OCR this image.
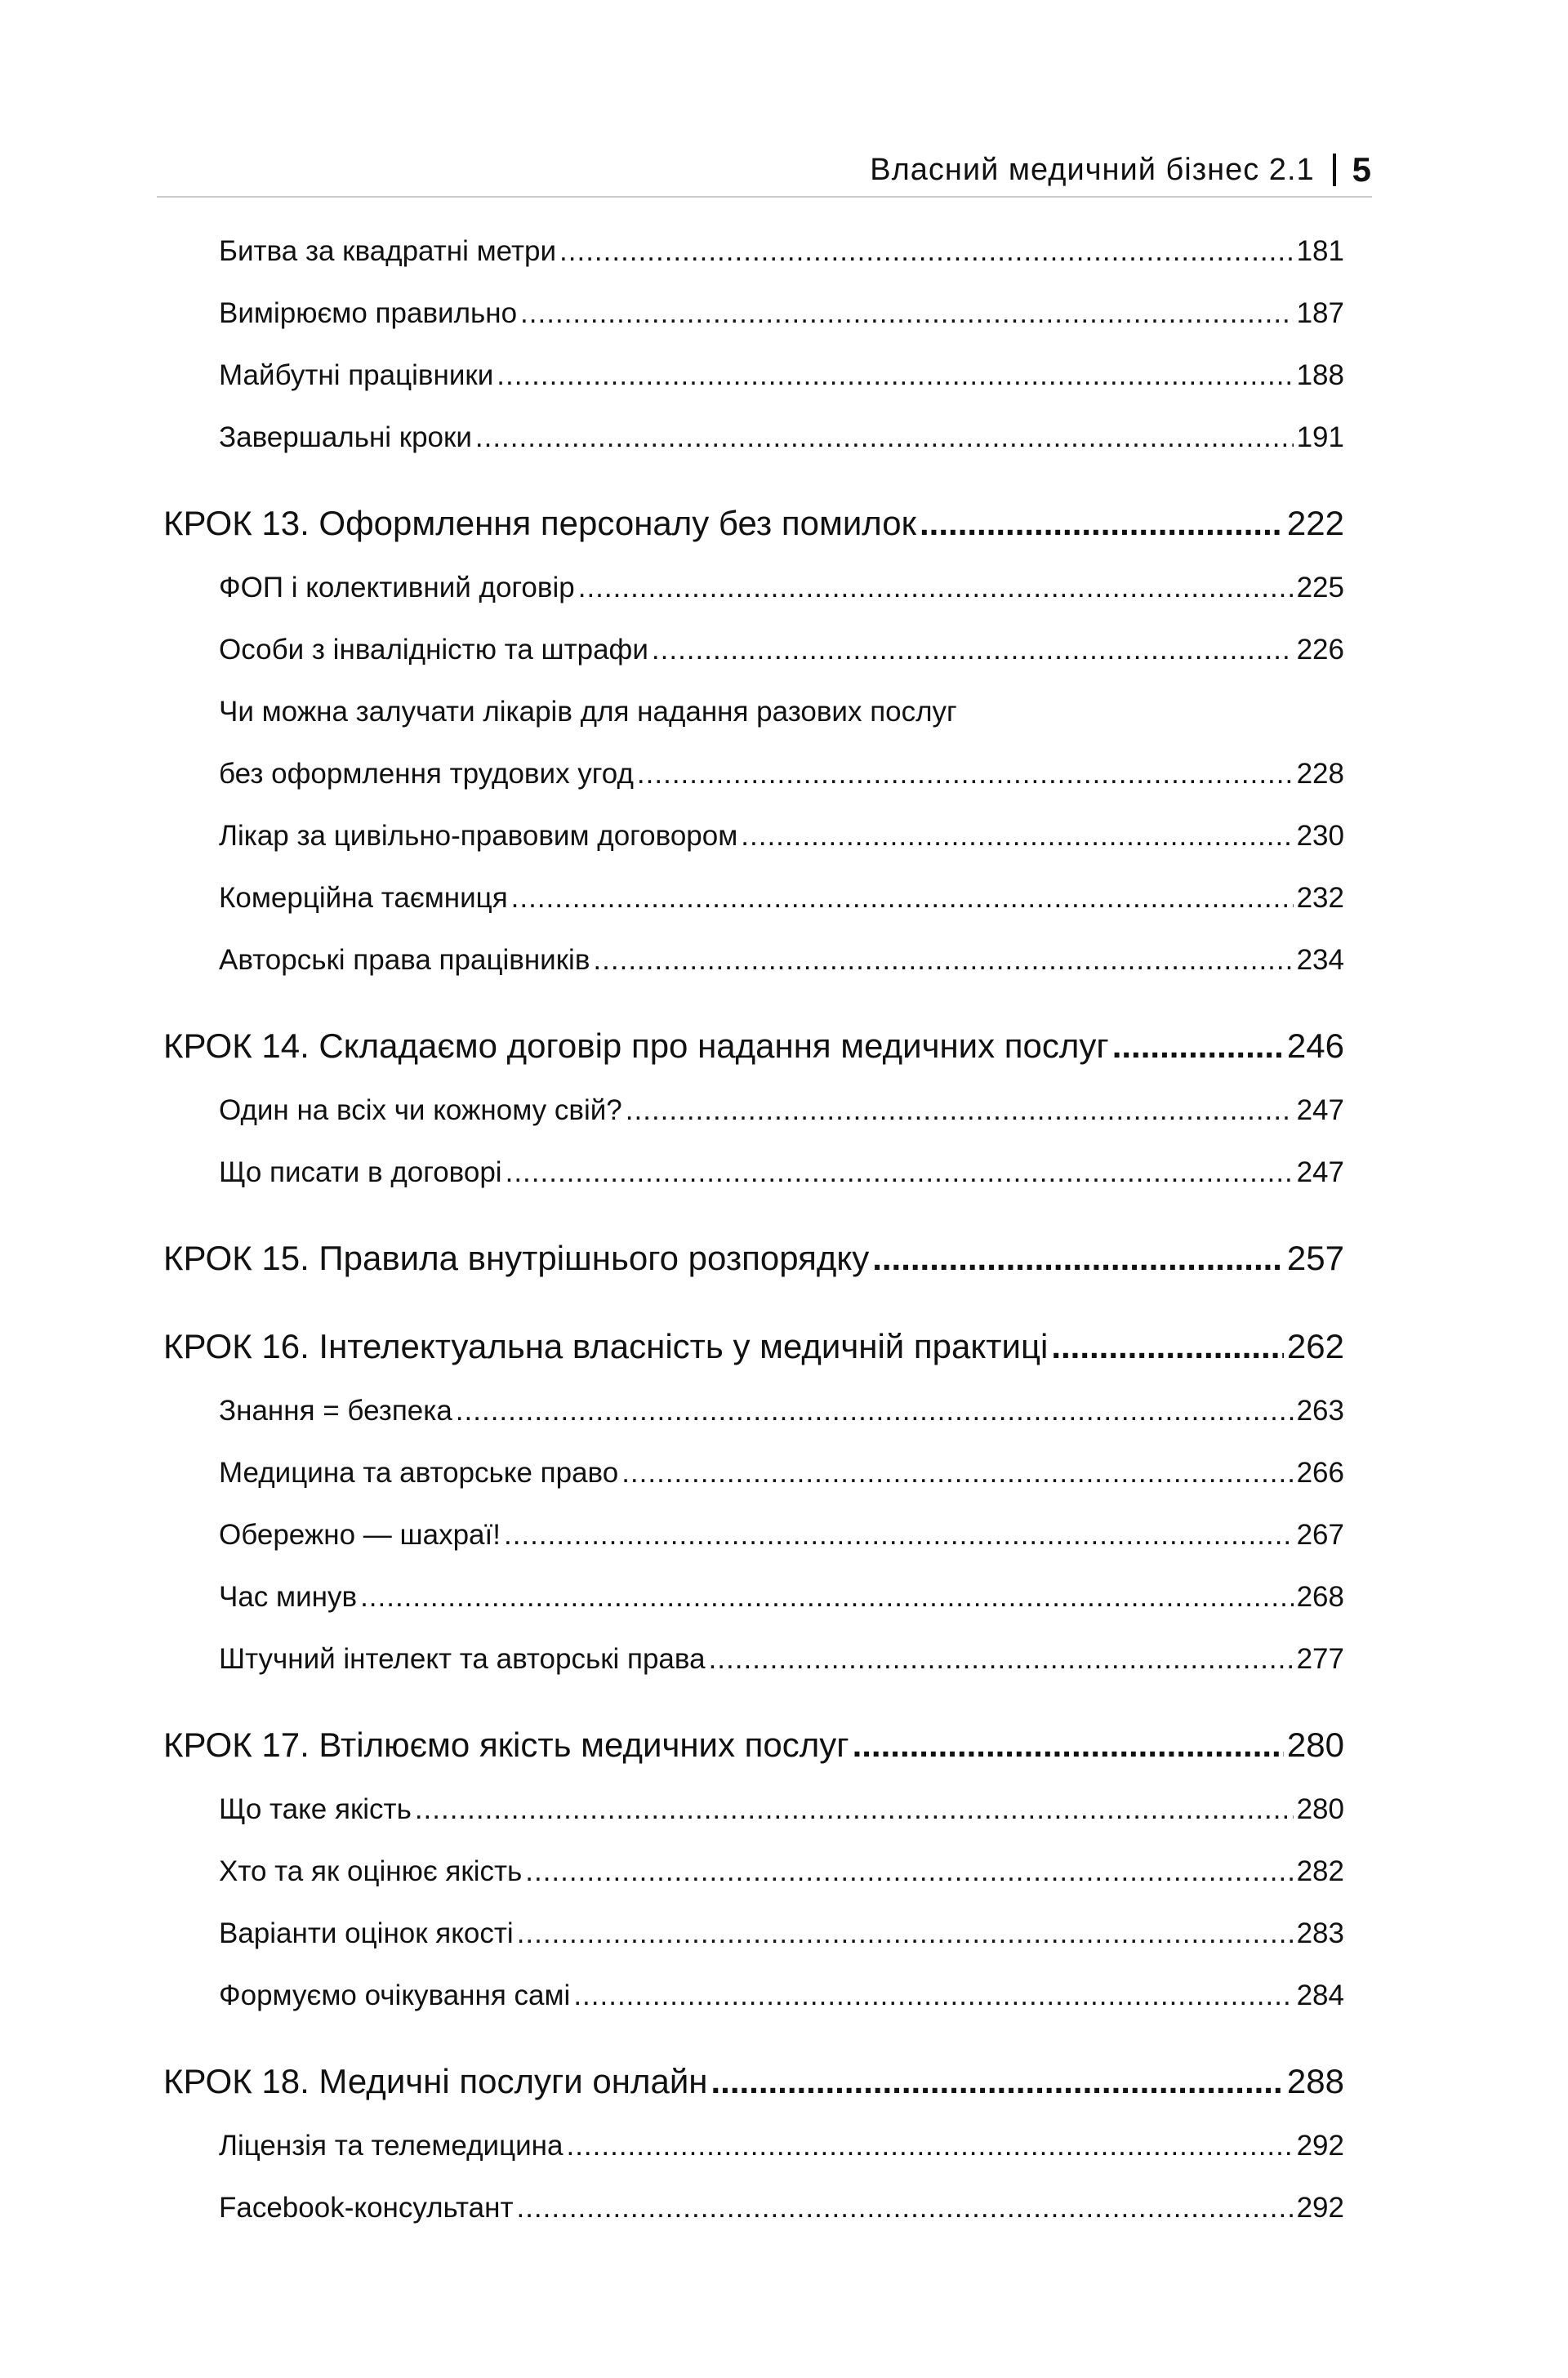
Власний медичний бізнес 2.1 5
Битва за квадратні метри .....	181
Вимірюємо правильно .....	187
Майбутні працівники .....	188
Завершальні кроки .....	191
КРОК 13. Оформлення персоналу без помилок .....	222
ФОП і колективний договір .....	225
Особи з інвалідністю та штрафи .....	226
Чи можна залучати лікарів для надання разових послуг
без оформлення трудових угод .....	228
Лікар за цивільно-правовим договором .....	230
Комерційна таємниця .....	232
Авторські права працівників .....	234
КРОК 14. Складаємо договір про надання медичних послуг .....	246
Один на всіх чи кожному свій? .....	247
Що писати в договорі .....	247
КРОК 15. Правила внутрішнього розпорядку .....	257
КРОК 16. Інтелектуальна власність у медичній практиці .....	262
Знання = безпека .....	263
Медицина та авторське право .....	266
Обережно — шахраї! .....	267
Час минув .....	268
Штучний інтелект та авторські права .....	277
КРОК 17. Втілюємо якість медичних послуг .....	280
Що таке якість .....	280
Хто та як оцінює якість .....	282
Варіанти оцінок якості .....	283
Формуємо очікування самі .....	284
КРОК 18. Медичні послуги онлайн .....	288
Ліцензія та телемедицина .....	292
Facebook-консультант .....	292
